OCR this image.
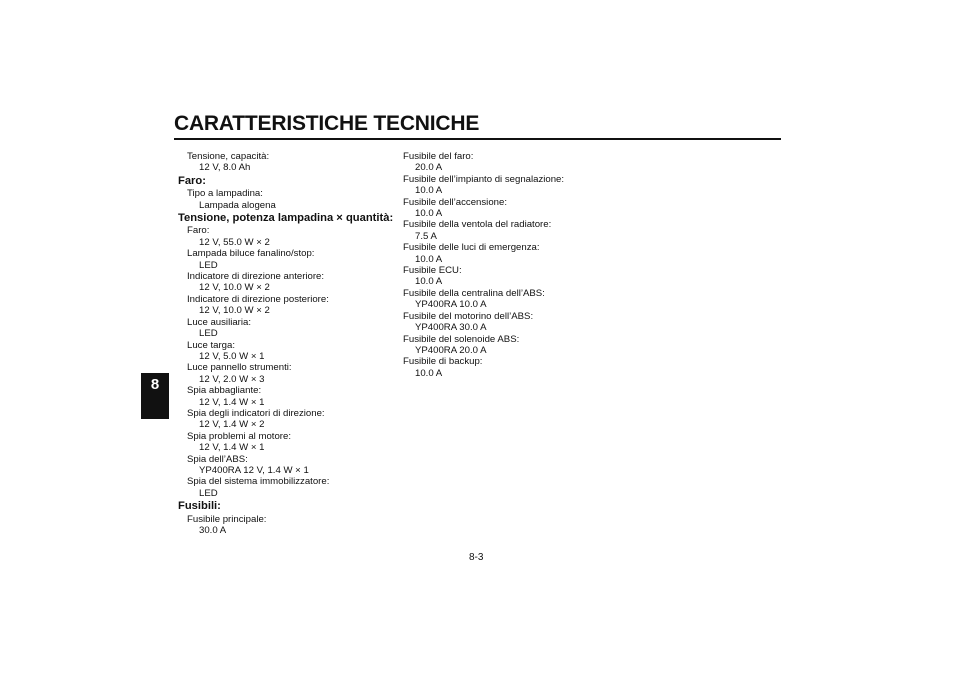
CARATTERISTICHE TECNICHE
8
Tensione, capacità:
12 V, 8.0 Ah
Faro:
Tipo a lampadina:
Lampada alogena
Tensione, potenza lampadina × quantità:
Faro:
12 V, 55.0 W × 2
Lampada biluce fanalino/stop:
LED
Indicatore di direzione anteriore:
12 V, 10.0 W × 2
Indicatore di direzione posteriore:
12 V, 10.0 W × 2
Luce ausiliaria:
LED
Luce targa:
12 V, 5.0 W × 1
Luce pannello strumenti:
12 V, 2.0 W × 3
Spia abbagliante:
12 V, 1.4 W × 1
Spia degli indicatori di direzione:
12 V, 1.4 W × 2
Spia problemi al motore:
12 V, 1.4 W × 1
Spia dell’ABS:
YP400RA 12 V, 1.4 W × 1
Spia del sistema immobilizzatore:
LED
Fusibili:
Fusibile principale:
30.0 A
Fusibile del faro:
20.0 A
Fusibile dell’impianto di segnalazione:
10.0 A
Fusibile dell’accensione:
10.0 A
Fusibile della ventola del radiatore:
7.5 A
Fusibile delle luci di emergenza:
10.0 A
Fusibile ECU:
10.0 A
Fusibile della centralina dell’ABS:
YP400RA 10.0 A
Fusibile del motorino dell’ABS:
YP400RA 30.0 A
Fusibile del solenoide ABS:
YP400RA 20.0 A
Fusibile di backup:
10.0 A
8-3
